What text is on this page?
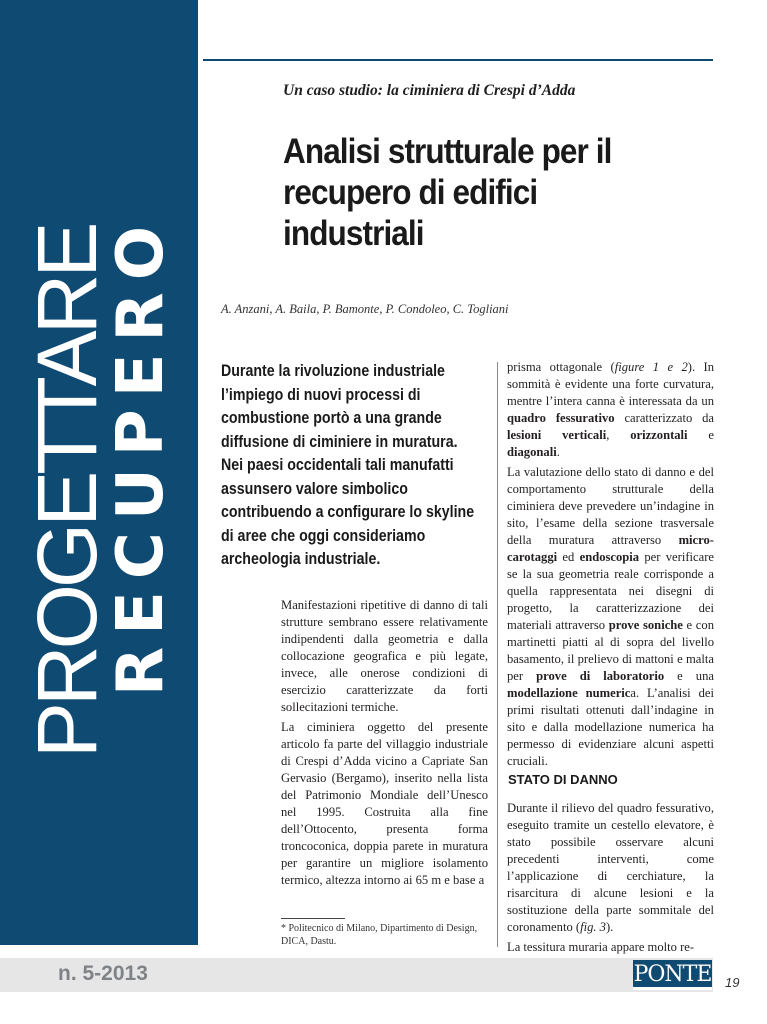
PROGETTARE
RECUPERO

Un caso studio: la ciminiera di Crespi d’Adda

Analisi strutturale per il recupero di edifici industriali

A. Anzani, A. Baila, P. Bamonte, P. Condoleo, C. Togliani

Durante la rivoluzione industriale l’impiego di nuovi processi di combustione portò a una grande diffusione di ciminiere in muratura. Nei paesi occidentali tali manufatti assunsero valore simbolico contribuendo a configurare lo skyline di aree che oggi consideriamo archeologia industriale.

Manifestazioni ripetitive di danno di tali strutture sembrano essere relativamente indipendenti dalla geometria e dalla collocazione geografica e più legate, invece, alle onerose condizioni di esercizio caratterizzate da forti sollecitazioni termiche.

La ciminiera oggetto del presente articolo fa parte del villaggio industriale di Crespi d’Adda vicino a Capriate San Gervasio (Bergamo), inserito nella lista del Patrimonio Mondiale dell’Unesco nel 1995. Costruita alla fine dell’Ottocento, presenta forma troncoconica, doppia parete in muratura per garantire un migliore isolamento termico, altezza intorno ai 65 m e base a

prisma ottagonale (figure 1 e 2). In sommità è evidente una forte curvatura, mentre l’intera canna è interessata da un quadro fessurativo caratterizzato da lesioni verticali, orizzontali e diagonali.

La valutazione dello stato di danno e del comportamento strutturale della ciminiera deve prevedere un’indagine in sito, l’esame della sezione trasversale della muratura attraverso micro-carotaggi ed endoscopia per verificare se la sua geometria reale corrisponde a quella rappresentata nei disegni di progetto, la caratterizzazione dei materiali attraverso prove soniche e con martinetti piatti al di sopra del livello basamento, il prelievo di mattoni e malta per prove di laboratorio e una modellazione numerica. L’analisi dei primi risultati ottenuti dall’indagine in sito e dalla modellazione numerica ha permesso di evidenziare alcuni aspetti cruciali.

STATO DI DANNO

Durante il rilievo del quadro fessurativo, eseguito tramite un cestello elevatore, è stato possibile osservare alcuni precedenti interventi, come l’applicazione di cerchiature, la risarcitura di alcune lesioni e la sostituzione della parte sommitale del coronamento (fig. 3).

La tessitura muraria appare molto re-

* Politecnico di Milano, Dipartimento di Design, DICA, Dastu.

n. 5-2013	PONTE 19
